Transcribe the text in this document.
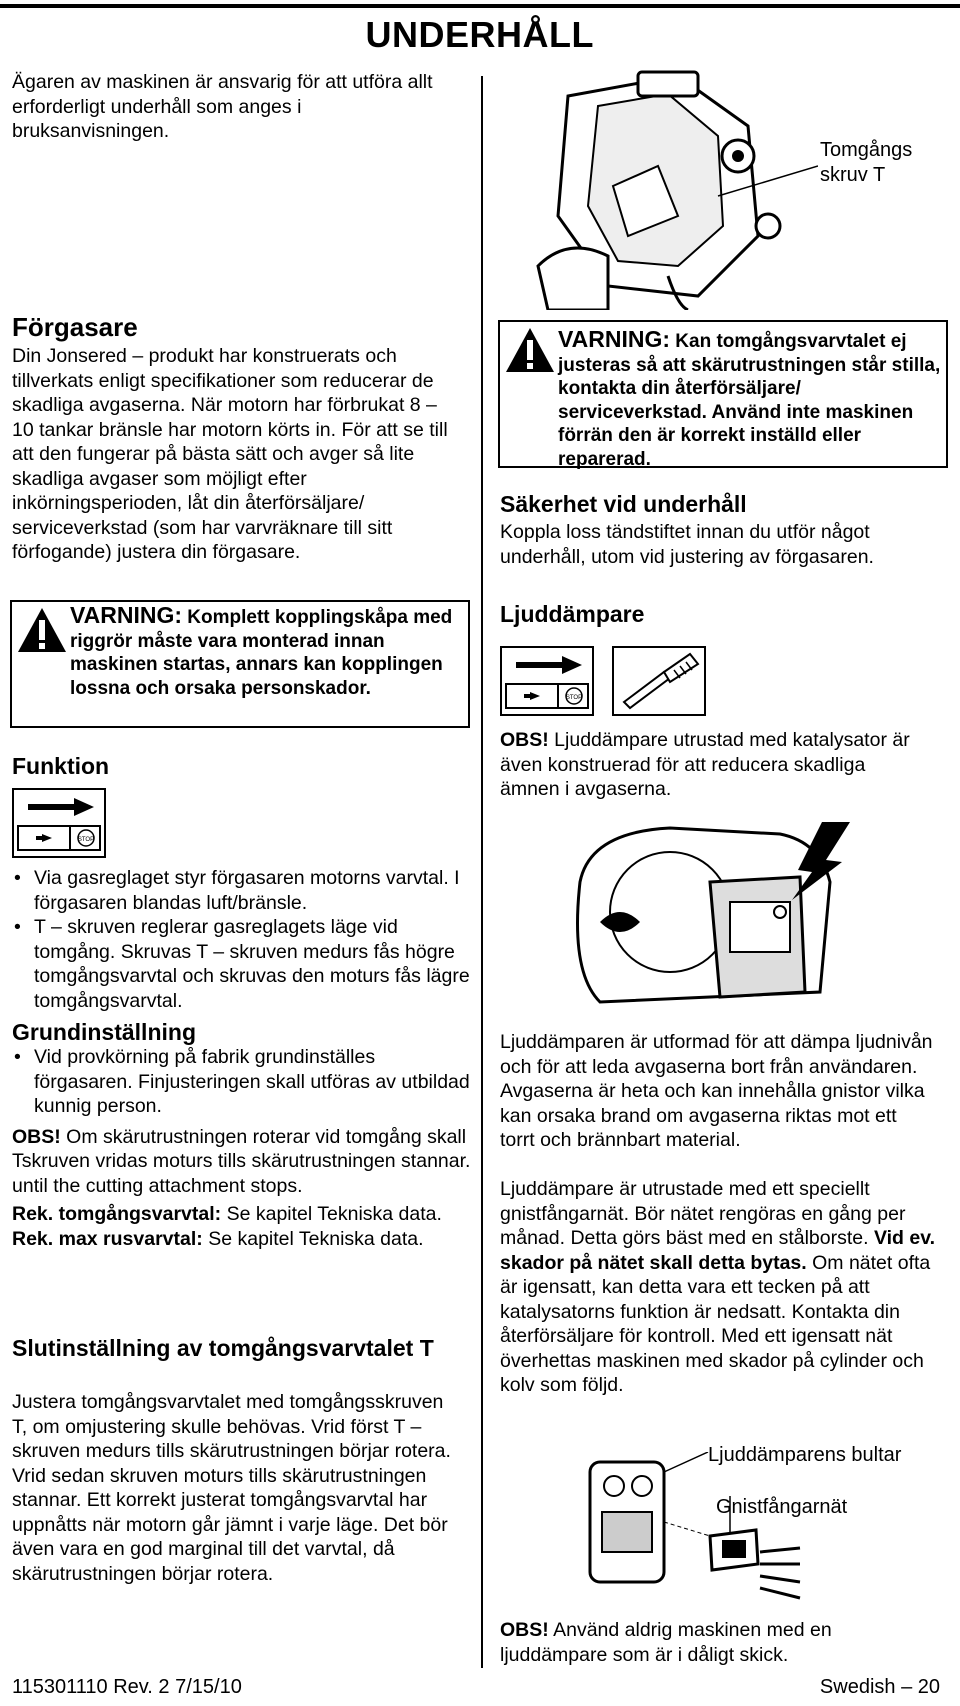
UNDERHÅLL
Ägaren av maskinen är ansvarig för att utföra allt erforderligt underhåll som anges i bruksanvisningen.
Förgasare
Din Jonsered – produkt har konstruerats och tillverkats enligt specifikationer som reducerar de skadliga avgaserna. När motorn har förbrukat 8 – 10 tankar bränsle har motorn körts in. För att se till att den fungerar på bästa sätt och avger så lite skadliga avgaser som möjligt efter inkörningsperioden, låt din återförsäljare/ serviceverkstad (som har varvräknare till sitt förfogande) justera din förgasare.
VARNING: Komplett kopplingskåpa med riggrör måste vara monterad innan maskinen startas, annars kan kopplingen lossna och orsaka personskador.
Funktion
STOP
• Via gasreglaget styr förgasaren motorns varvtal. I förgasaren blandas luft/bränsle.
• T – skruven reglerar gasreglagets läge vid tomgång. Skruvas T – skruven medurs fås högre tomgångsvarvtal och skruvas den moturs fås lägre tomgångsvarvtal.
Grundinställning
• Vid provkörning på fabrik grundinställes förgasaren. Finjusteringen skall utföras av utbildad kunnig person.
OBS! Om skärutrustningen roterar vid tomgång skall Tskruven vridas moturs tills skärutrustningen stannar. until the cutting attachment stops.
Rek. tomgångsvarvtal: Se kapitel Tekniska data.
Rek. max rusvarvtal: Se kapitel Tekniska data.
Slutinställning av tomgångsvarvtalet T
Justera tomgångsvarvtalet med tomgångsskruven T, om omjustering skulle behövas. Vrid först T – skruven medurs tills skärutrustningen börjar rotera. Vrid sedan skruven moturs tills skärutrustningen stannar. Ett korrekt justerat tomgångsvarvtal har uppnåtts när motorn går jämnt i varje läge. Det bör även vara en god marginal till det varvtal, då skärutrustningen börjar rotera.
Tomgångs
skruv T
VARNING: Kan tomgångsvarvtalet ej justeras så att skärutrustningen står stilla, kontakta din återförsäljare/ serviceverkstad. Använd inte maskinen förrän den är korrekt inställd eller reparerad.
Säkerhet vid underhåll
Koppla loss tändstiftet innan du utför något underhåll, utom vid justering av förgasaren.
Ljuddämpare
STOP
OBS! Ljuddämpare utrustad med katalysator är även konstruerad för att reducera skadliga ämnen i avgaserna.
Ljuddämparen är utformad för att dämpa ljudnivån och för att leda avgaserna bort från användaren. Avgaserna är heta och kan innehålla gnistor vilka kan orsaka brand om avgaserna riktas mot ett torrt och brännbart material.
Ljuddämpare är utrustade med ett speciellt gnistfångarnät. Bör nätet rengöras en gång per månad. Detta görs bäst med en stålborste. Vid ev. skador på nätet skall detta bytas. Om nätet ofta är igensatt, kan detta vara ett tecken på att katalysatorns funktion är nedsatt. Kontakta din återförsäljare för kontroll. Med ett igensatt nät överhettas maskinen med skador på cylinder och kolv som följd.
Ljuddämparens bultar
Gnistfångarnät
OBS! Använd aldrig maskinen med en ljuddämpare som är i dåligt skick.
115301110 Rev. 2 7/15/10	Swedish – 20
